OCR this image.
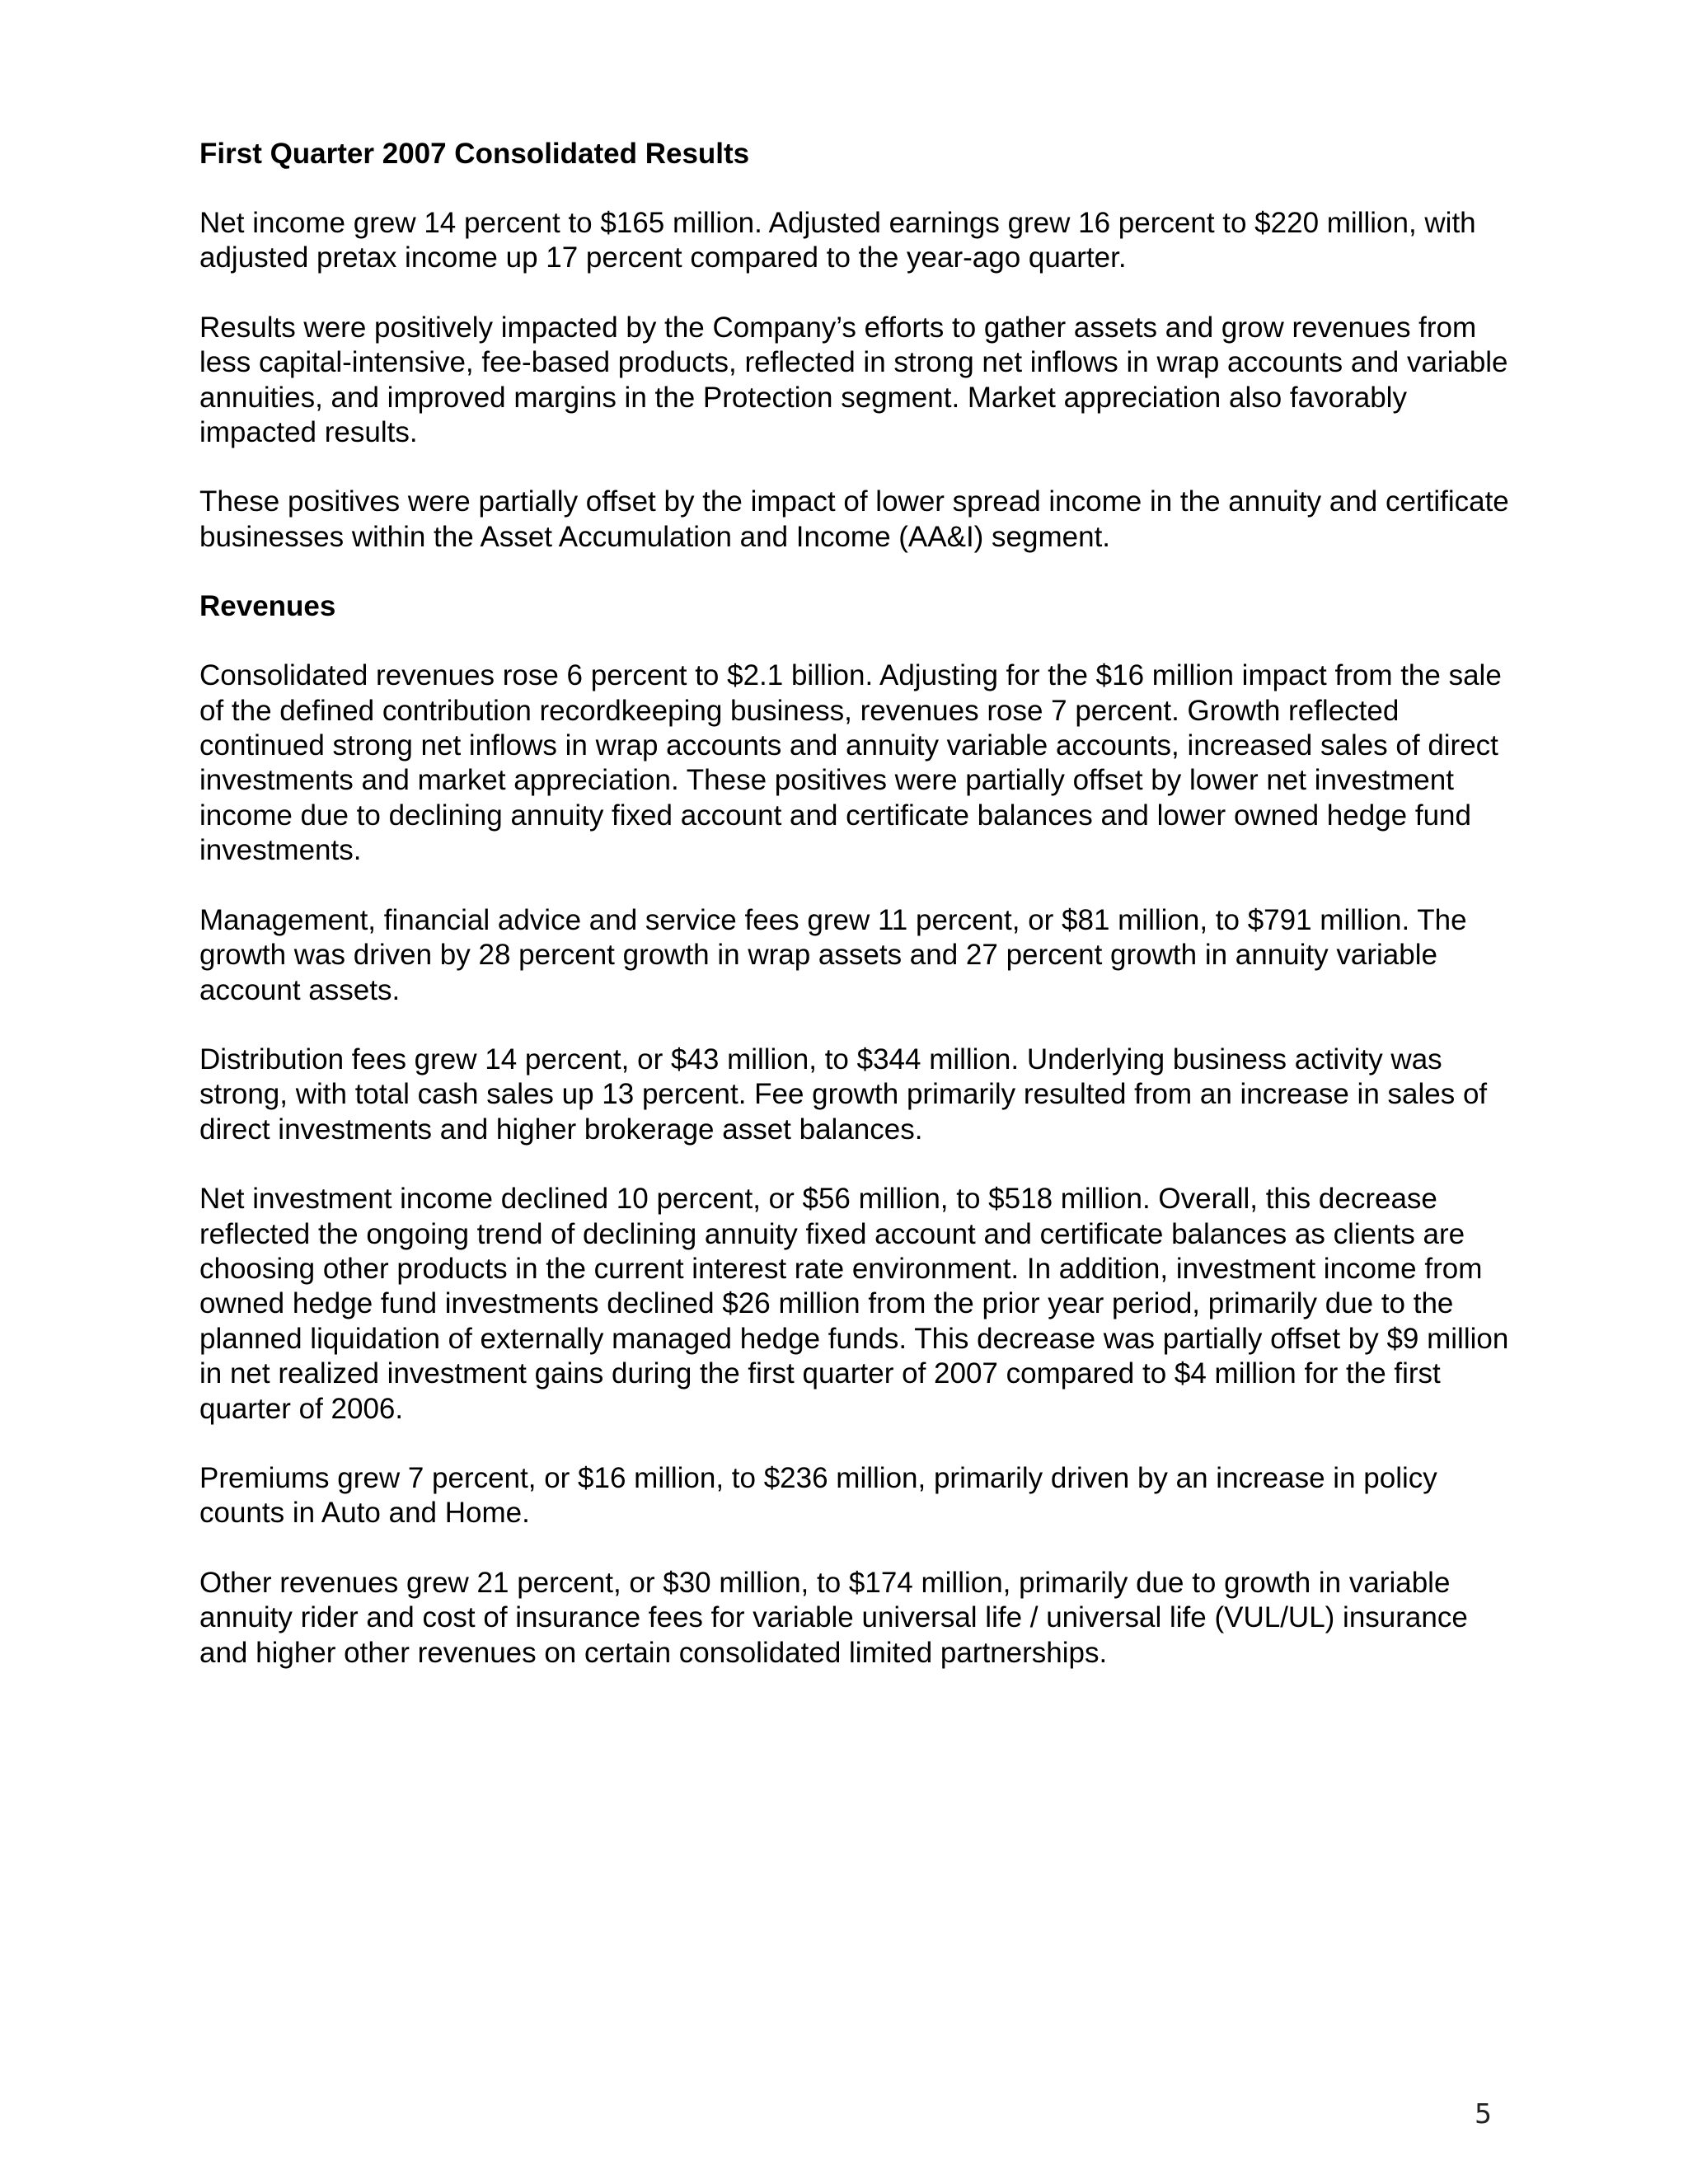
First Quarter 2007 Consolidated Results

Net income grew 14 percent to $165 million. Adjusted earnings grew 16 percent to $220 million, with adjusted pretax income up 17 percent compared to the year-ago quarter.

Results were positively impacted by the Company’s efforts to gather assets and grow revenues from less capital-intensive, fee-based products, reflected in strong net inflows in wrap accounts and variable annuities, and improved margins in the Protection segment. Market appreciation also favorably impacted results.

These positives were partially offset by the impact of lower spread income in the annuity and certificate businesses within the Asset Accumulation and Income (AA&I) segment.

Revenues

Consolidated revenues rose 6 percent to $2.1 billion. Adjusting for the $16 million impact from the sale of the defined contribution recordkeeping business, revenues rose 7 percent. Growth reflected continued strong net inflows in wrap accounts and annuity variable accounts, increased sales of direct investments and market appreciation. These positives were partially offset by lower net investment income due to declining annuity fixed account and certificate balances and lower owned hedge fund investments.

Management, financial advice and service fees grew 11 percent, or $81 million, to $791 million. The growth was driven by 28 percent growth in wrap assets and 27 percent growth in annuity variable account assets.

Distribution fees grew 14 percent, or $43 million, to $344 million. Underlying business activity was strong, with total cash sales up 13 percent. Fee growth primarily resulted from an increase in sales of direct investments and higher brokerage asset balances.

Net investment income declined 10 percent, or $56 million, to $518 million. Overall, this decrease reflected the ongoing trend of declining annuity fixed account and certificate balances as clients are choosing other products in the current interest rate environment. In addition, investment income from owned hedge fund investments declined $26 million from the prior year period, primarily due to the planned liquidation of externally managed hedge funds. This decrease was partially offset by $9 million in net realized investment gains during the first quarter of 2007 compared to $4 million for the first quarter of 2006.

Premiums grew 7 percent, or $16 million, to $236 million, primarily driven by an increase in policy counts in Auto and Home.

Other revenues grew 21 percent, or $30 million, to $174 million, primarily due to growth in variable annuity rider and cost of insurance fees for variable universal life / universal life (VUL/UL) insurance and higher other revenues on certain consolidated limited partnerships.

5
